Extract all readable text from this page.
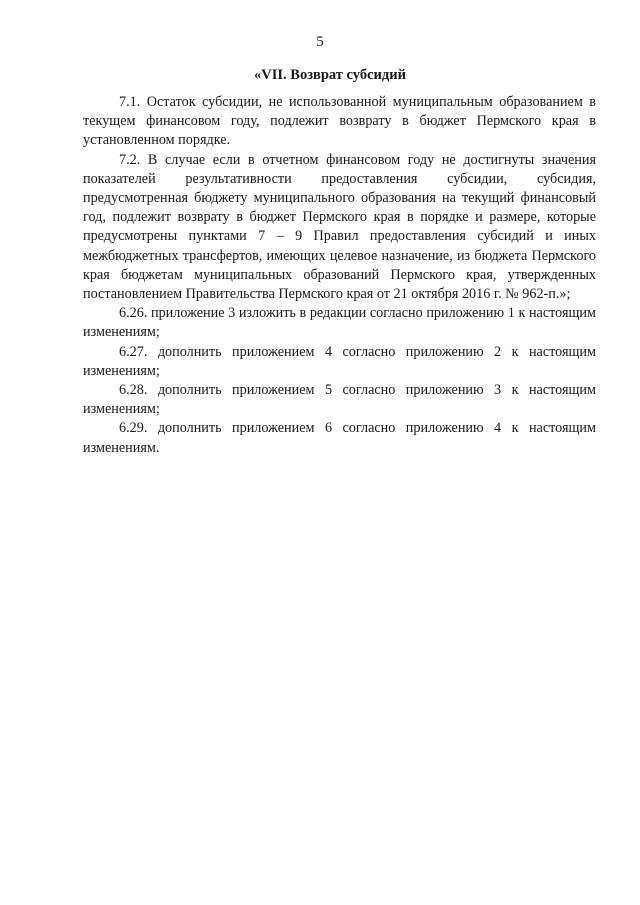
5
«VII. Возврат субсидий

7.1. Остаток субсидии, не использованной муниципальным образованием в текущем финансовом году, подлежит возврату в бюджет Пермского края в установленном порядке.

7.2. В случае если в отчетном финансовом году не достигнуты значения показателей результативности предоставления субсидии, субсидия, предусмотренная бюджету муниципального образования на текущий финансовый год, подлежит возврату в бюджет Пермского края в порядке и размере, которые предусмотрены пунктами 7 – 9 Правил предоставления субсидий и иных межбюджетных трансфертов, имеющих целевое назначение, из бюджета Пермского края бюджетам муниципальных образований Пермского края, утвержденных постановлением Правительства Пермского края от 21 октября 2016 г. № 962-п.»;

6.26. приложение 3 изложить в редакции согласно приложению 1 к настоящим изменениям;

6.27. дополнить приложением 4 согласно приложению 2 к настоящим изменениям;

6.28. дополнить приложением 5 согласно приложению 3 к настоящим изменениям;

6.29. дополнить приложением 6 согласно приложению 4 к настоящим изменениям.
